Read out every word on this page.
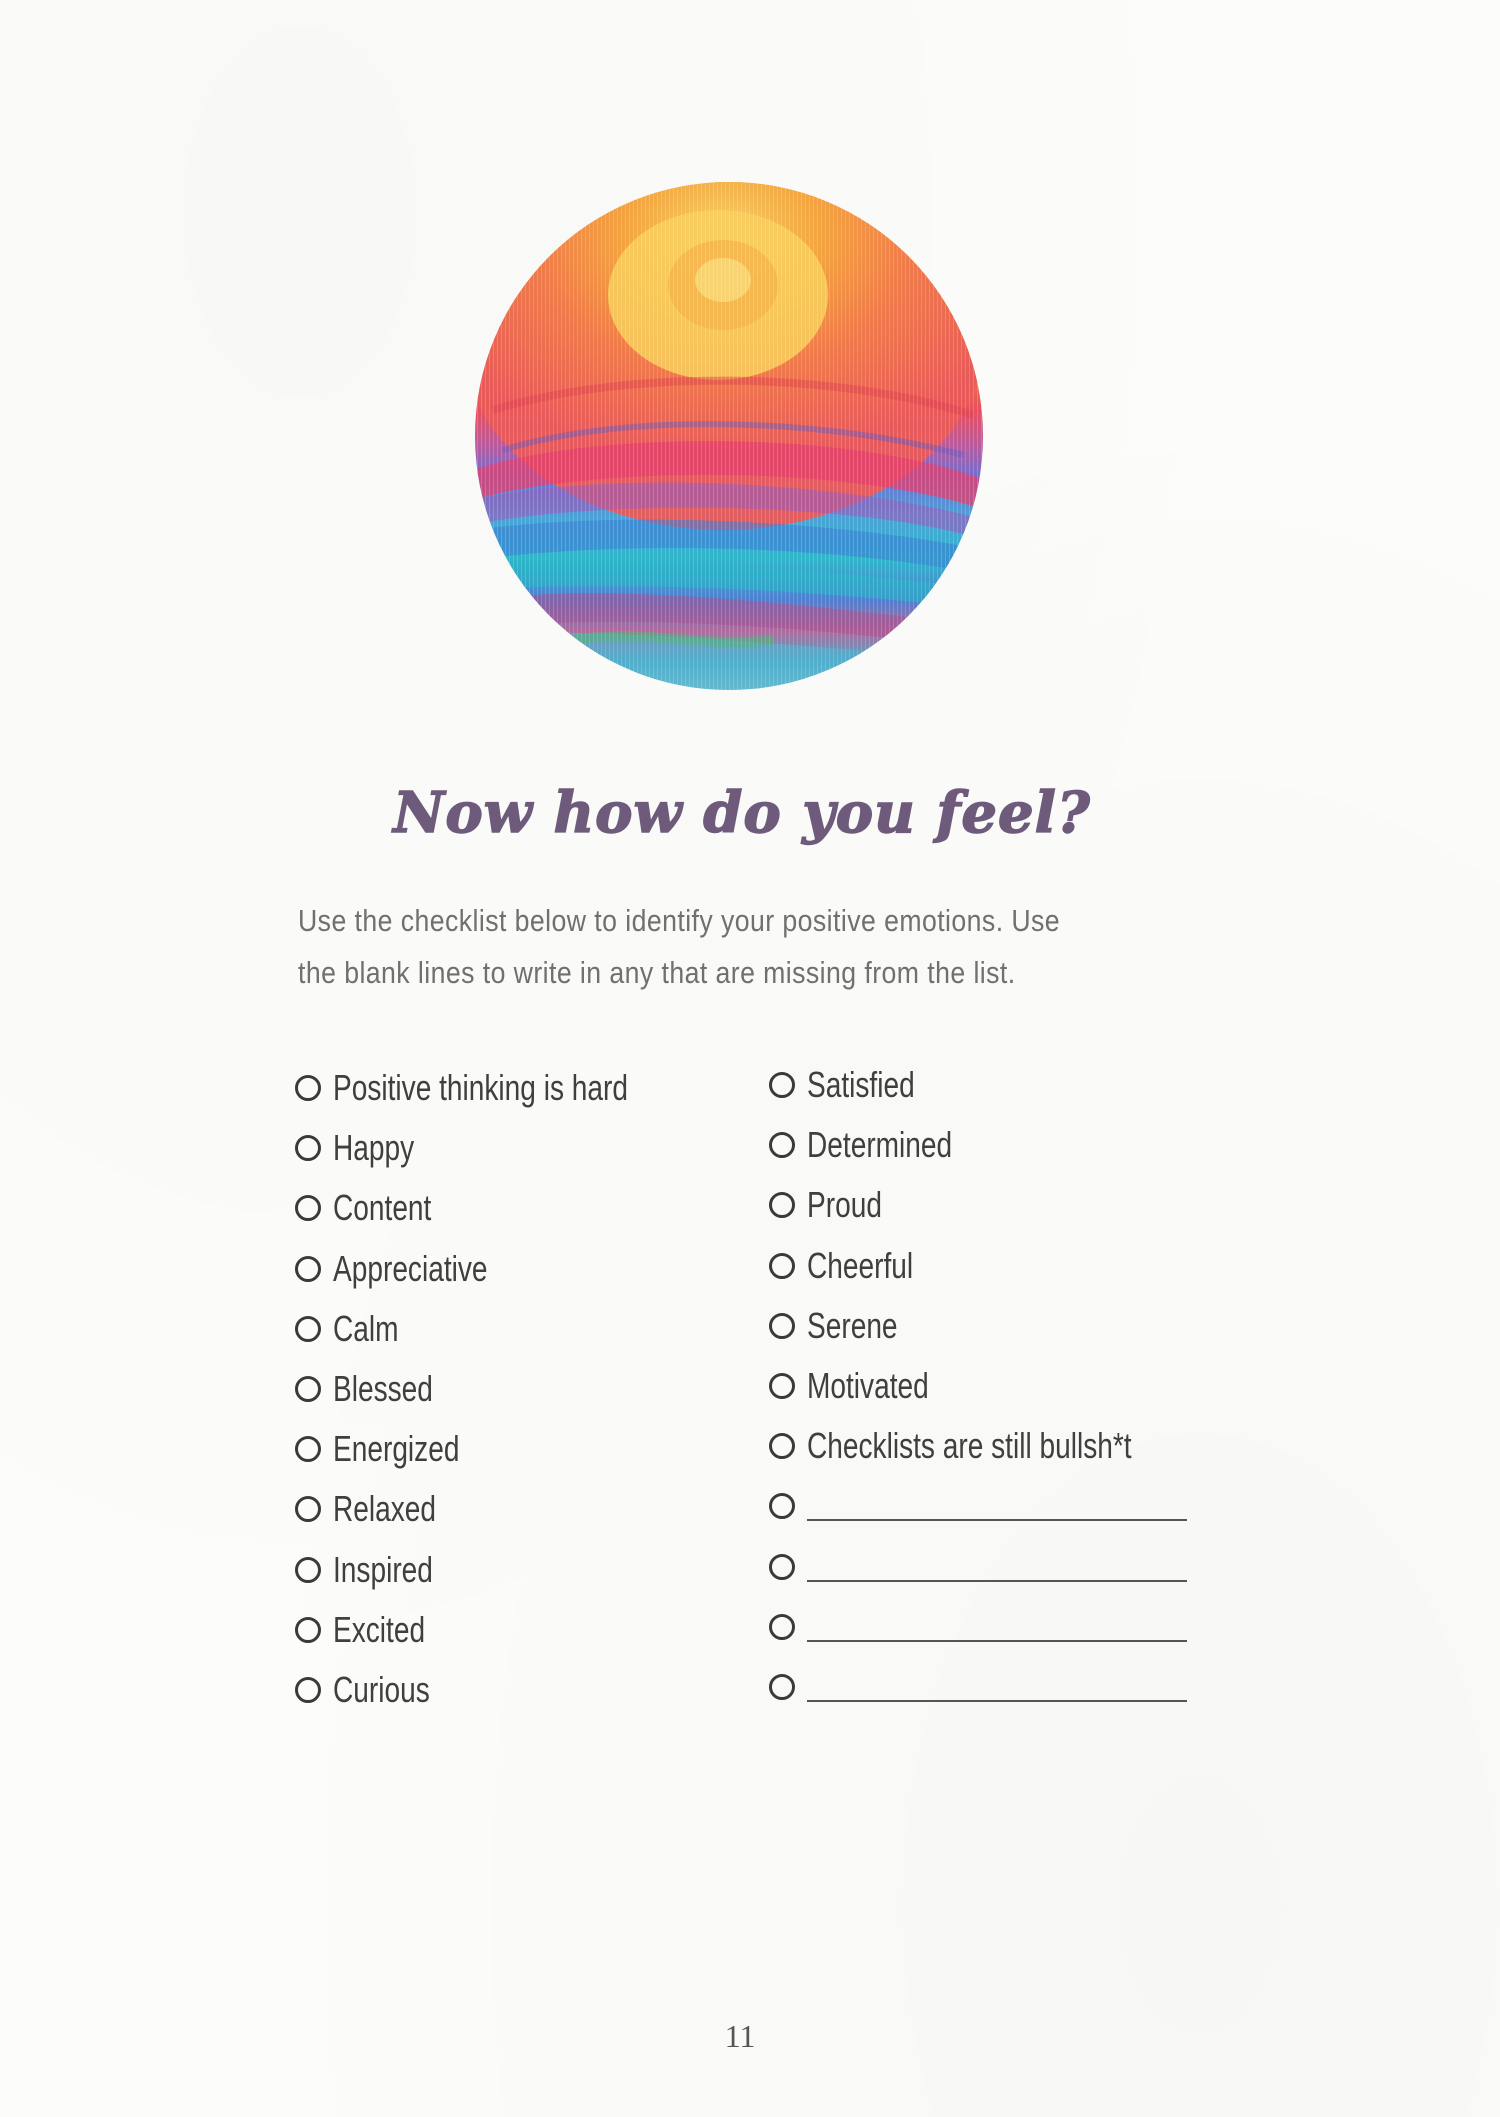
Now how do you feel?
Use the checklist below to identify your positive emotions. Use
the blank lines to write in any that are missing from the list.
Positive thinking is hard
Happy
Content
Appreciative
Calm
Blessed
Energized
Relaxed
Inspired
Excited
Curious
Satisfied
Determined
Proud
Cheerful
Serene
Motivated
Checklists are still bullsh*t
11
